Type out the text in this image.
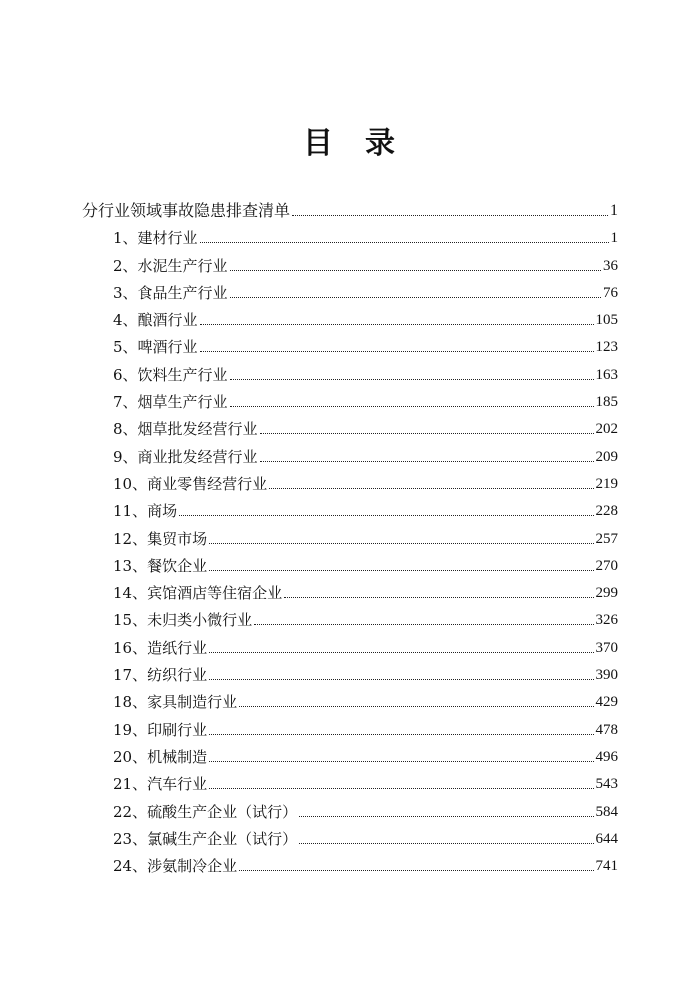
目 录
分行业领域事故隐患排查清单	1
1、建材行业	1
2、水泥生产行业	36
3、食品生产行业	76
4、酿酒行业	105
5、啤酒行业	123
6、饮料生产行业	163
7、烟草生产行业	185
8、烟草批发经营行业	202
9、商业批发经营行业	209
10、商业零售经营行业	219
11、商场	228
12、集贸市场	257
13、餐饮企业	270
14、宾馆酒店等住宿企业	299
15、未归类小微行业	326
16、造纸行业	370
17、纺织行业	390
18、家具制造行业	429
19、印刷行业	478
20、机械制造	496
21、汽车行业	543
22、硫酸生产企业（试行）	584
23、氯碱生产企业（试行）	644
24、涉氨制冷企业	741
